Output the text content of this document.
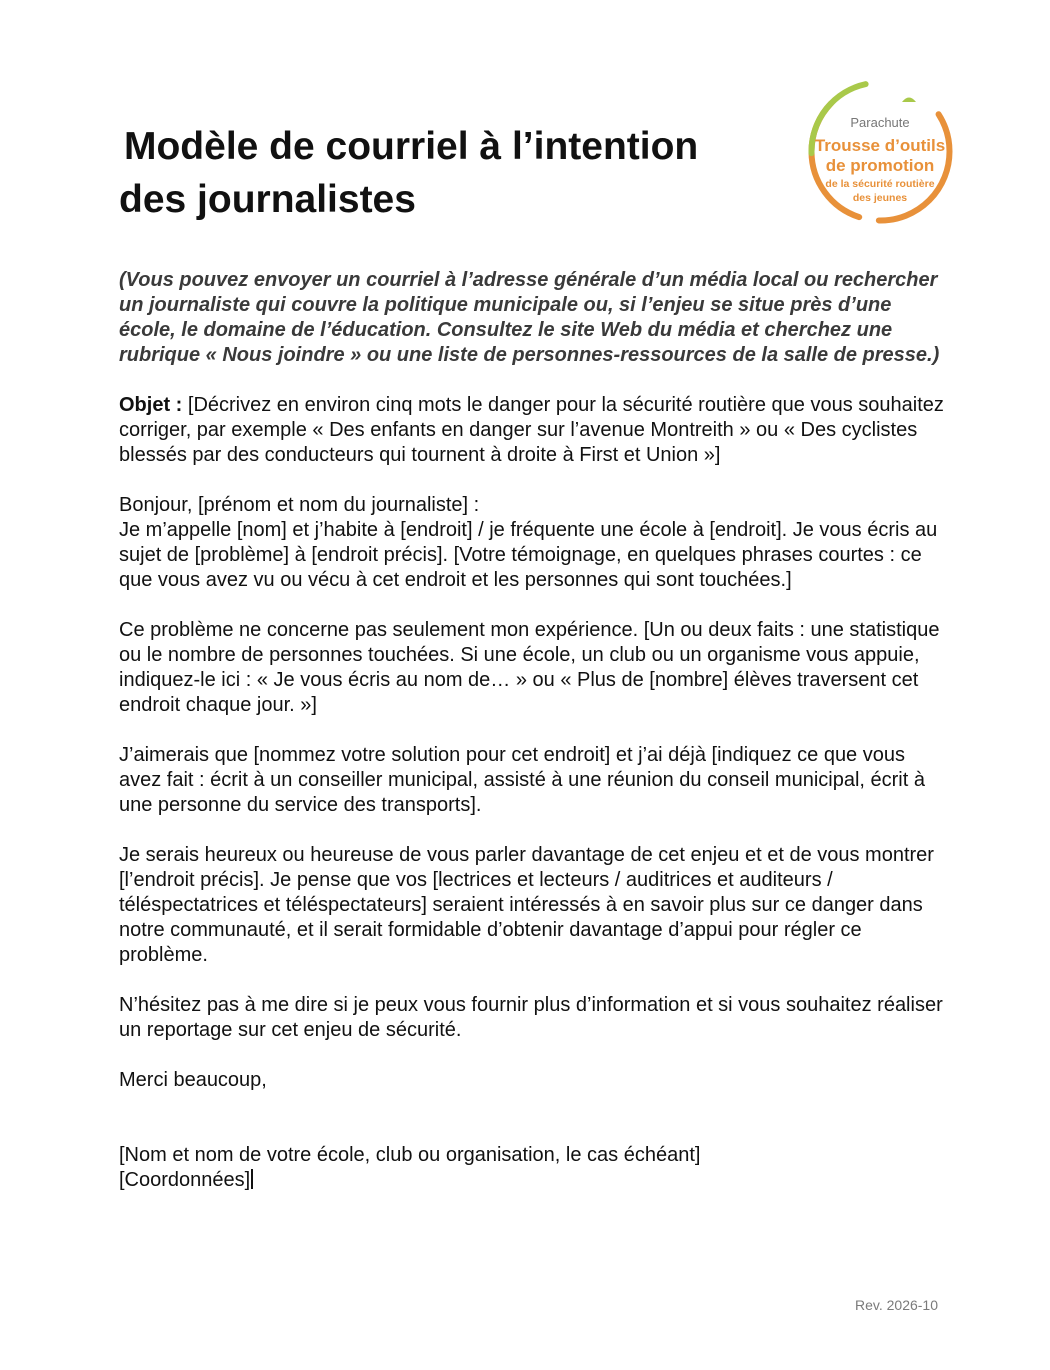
Modèle de courriel à l’intention
des journalistes
Parachute
Trousse d’outils
de promotion
de la sécurité routière
des jeunes

(Vous pouvez envoyer un courriel à l’adresse générale d’un média local ou rechercher un journaliste qui couvre la politique municipale ou, si l’enjeu se situe près d’une école, le domaine de l’éducation. Consultez le site Web du média et cherchez une rubrique « Nous joindre » ou une liste de personnes-ressources de la salle de presse.)

Objet : [Décrivez en environ cinq mots le danger pour la sécurité routière que vous souhaitez corriger, par exemple « Des enfants en danger sur l’avenue Montreith » ou « Des cyclistes blessés par des conducteurs qui tournent à droite à First et Union »]

Bonjour, [prénom et nom du journaliste] :

Je m’appelle [nom] et j’habite à [endroit] / je fréquente une école à [endroit]. Je vous écris au sujet de [problème] à [endroit précis]. [Votre témoignage, en quelques phrases courtes : ce que vous avez vu ou vécu à cet endroit et les personnes qui sont touchées.]

Ce problème ne concerne pas seulement mon expérience. [Un ou deux faits : une statistique ou le nombre de personnes touchées. Si une école, un club ou un organisme vous appuie, indiquez-le ici : « Je vous écris au nom de… » ou « Plus de [nombre] élèves traversent cet endroit chaque jour. »]

J’aimerais que [nommez votre solution pour cet endroit] et j’ai déjà [indiquez ce que vous avez fait : écrit à un conseiller municipal, assisté à une réunion du conseil municipal, écrit à une personne du service des transports].

Je serais heureux ou heureuse de vous parler davantage de cet enjeu et et de vous montrer [l’endroit précis]. Je pense que vos [lectrices et lecteurs / auditrices et auditeurs / téléspectatrices et téléspectateurs] seraient intéressés à en savoir plus sur ce danger dans notre communauté, et il serait formidable d’obtenir davantage d’appui pour régler ce problème.

N’hésitez pas à me dire si je peux vous fournir plus d’information et si vous souhaitez réaliser un reportage sur cet enjeu de sécurité.

Merci beaucoup,

[Nom et nom de votre école, club ou organisation, le cas échéant]

[Coordonnées]

Rev. 2026-10
